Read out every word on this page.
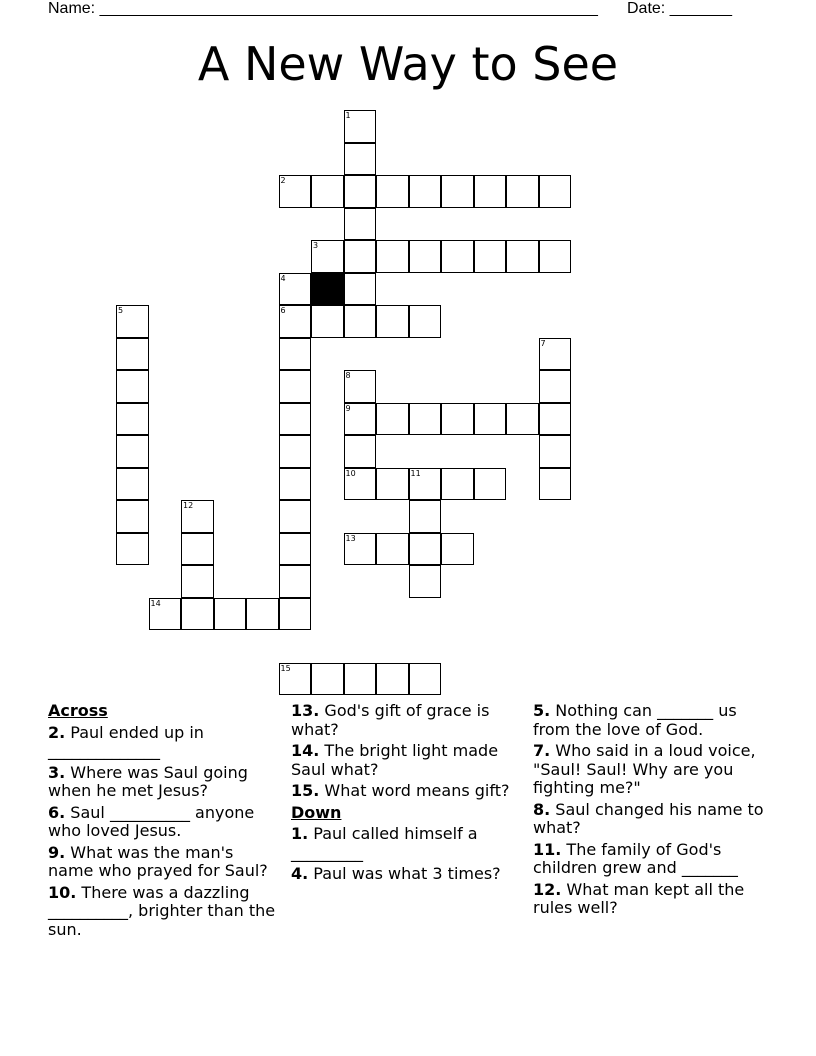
Name: ________________________________________________________ Date: _______
A New Way to See
1
2
3
4
6
5
7
8
9
10	11
12
13
14
15
Across
2. Paul ended up in ______________
3. Where was Saul going when he met Jesus?
6. Saul __________ anyone who loved Jesus.
9. What was the man's name who prayed for Saul?
10. There was a dazzling __________, brighter than the sun.
13. God's gift of grace is what?
14. The bright light made Saul what?
15. What word means gift?
Down
1. Paul called himself a _________
4. Paul was what 3 times?
5. Nothing can _______ us from the love of God.
7. Who said in a loud voice, "Saul! Saul! Why are you fighting me?"
8. Saul changed his name to what?
11. The family of God's children grew and _______
12. What man kept all the rules well?
